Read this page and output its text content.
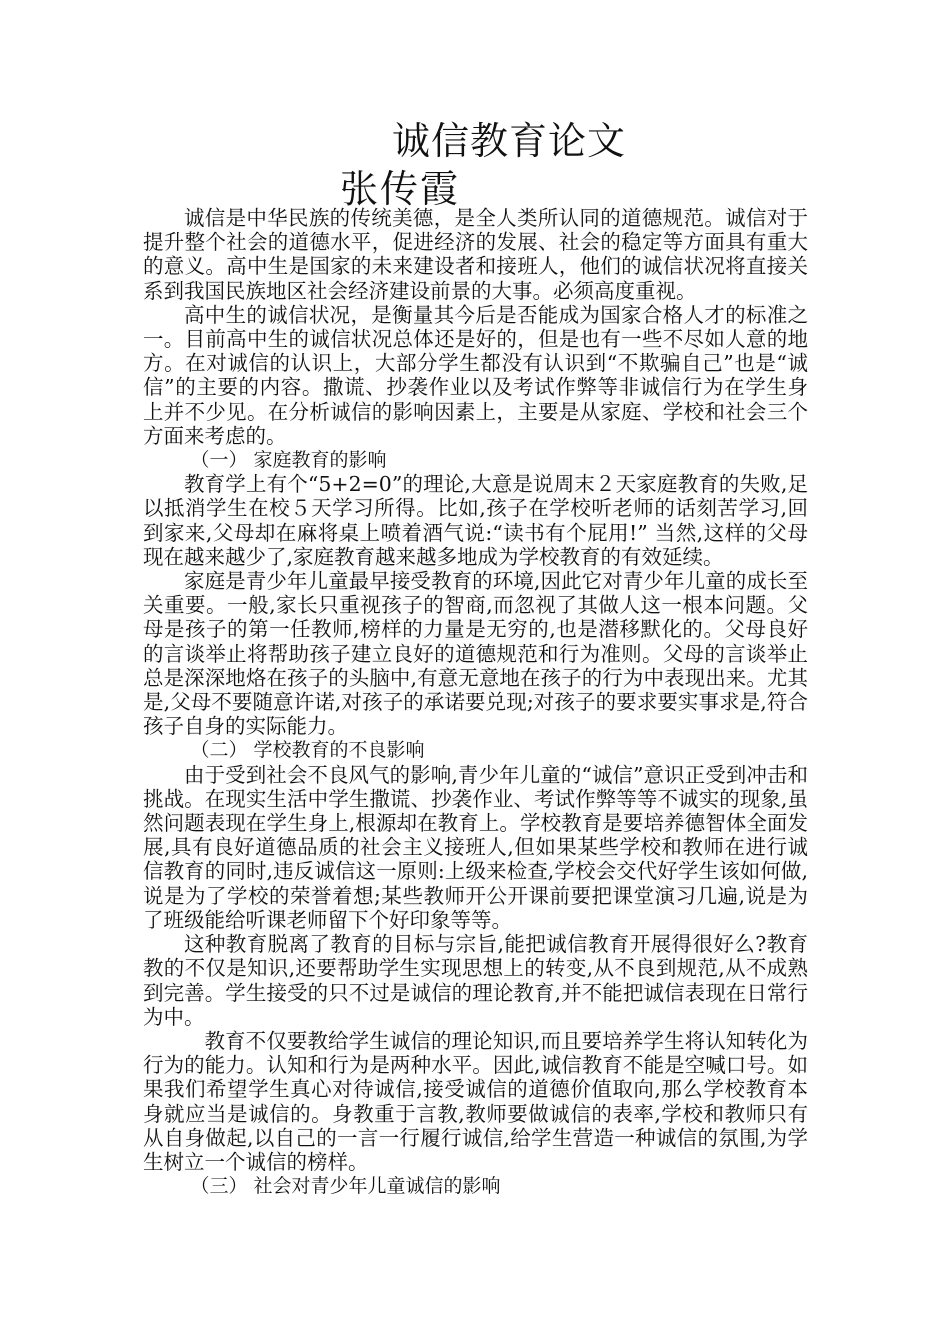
诚信教育论文
张传霞

诚信是中华民族的传统美德，是全人类所认同的道德规范。诚信对于提升整个社会的道德水平，促进经济的发展、社会的稳定等方面具有重大的意义。高中生是国家的未来建设者和接班人，他们的诚信状况将直接关系到我国民族地区社会经济建设前景的大事。必须高度重视。

高中生的诚信状况，是衡量其今后是否能成为国家合格人才的标准之一。目前高中生的诚信状况总体还是好的，但是也有一些不尽如人意的地方。在对诚信的认识上，大部分学生都没有认识到“不欺骗自己”也是“诚信”的主要的内容。撒谎、抄袭作业以及考试作弊等非诚信行为在学生身上并不少见。在分析诚信的影响因素上，主要是从家庭、学校和社会三个方面来考虑的。

（一） 家庭教育的影响

教育学上有个“5+2=0”的理论,大意是说周末２天家庭教育的失败,足以抵消学生在校５天学习所得。比如,孩子在学校听老师的话刻苦学习,回到家来,父母却在麻将桌上喷着酒气说:“读书有个屁用!” 当然,这样的父母现在越来越少了,家庭教育越来越多地成为学校教育的有效延续。

家庭是青少年儿童最早接受教育的环境,因此它对青少年儿童的成长至关重要。一般,家长只重视孩子的智商,而忽视了其做人这一根本问题。父母是孩子的第一任教师,榜样的力量是无穷的,也是潜移默化的。父母良好的言谈举止将帮助孩子建立良好的道德规范和行为准则。父母的言谈举止总是深深地烙在孩子的头脑中,有意无意地在孩子的行为中表现出来。尤其是,父母不要随意许诺,对孩子的承诺要兑现;对孩子的要求要实事求是,符合孩子自身的实际能力。

（二） 学校教育的不良影响

由于受到社会不良风气的影响,青少年儿童的“诚信”意识正受到冲击和挑战。在现实生活中学生撒谎、抄袭作业、考试作弊等等不诚实的现象,虽然问题表现在学生身上,根源却在教育上。学校教育是要培养德智体全面发展,具有良好道德品质的社会主义接班人,但如果某些学校和教师在进行诚信教育的同时,违反诚信这一原则:上级来检查,学校会交代好学生该如何做,说是为了学校的荣誉着想;某些教师开公开课前要把课堂演习几遍,说是为了班级能给听课老师留下个好印象等等。

这种教育脱离了教育的目标与宗旨,能把诚信教育开展得很好么?教育教的不仅是知识,还要帮助学生实现思想上的转变,从不良到规范,从不成熟到完善。学生接受的只不过是诚信的理论教育,并不能把诚信表现在日常行为中。

教育不仅要教给学生诚信的理论知识,而且要培养学生将认知转化为行为的能力。认知和行为是两种水平。因此,诚信教育不能是空喊口号。如果我们希望学生真心对待诚信,接受诚信的道德价值取向,那么学校教育本身就应当是诚信的。身教重于言教,教师要做诚信的表率,学校和教师只有从自身做起,以自己的一言一行履行诚信,给学生营造一种诚信的氛围,为学生树立一个诚信的榜样。

（三） 社会对青少年儿童诚信的影响
